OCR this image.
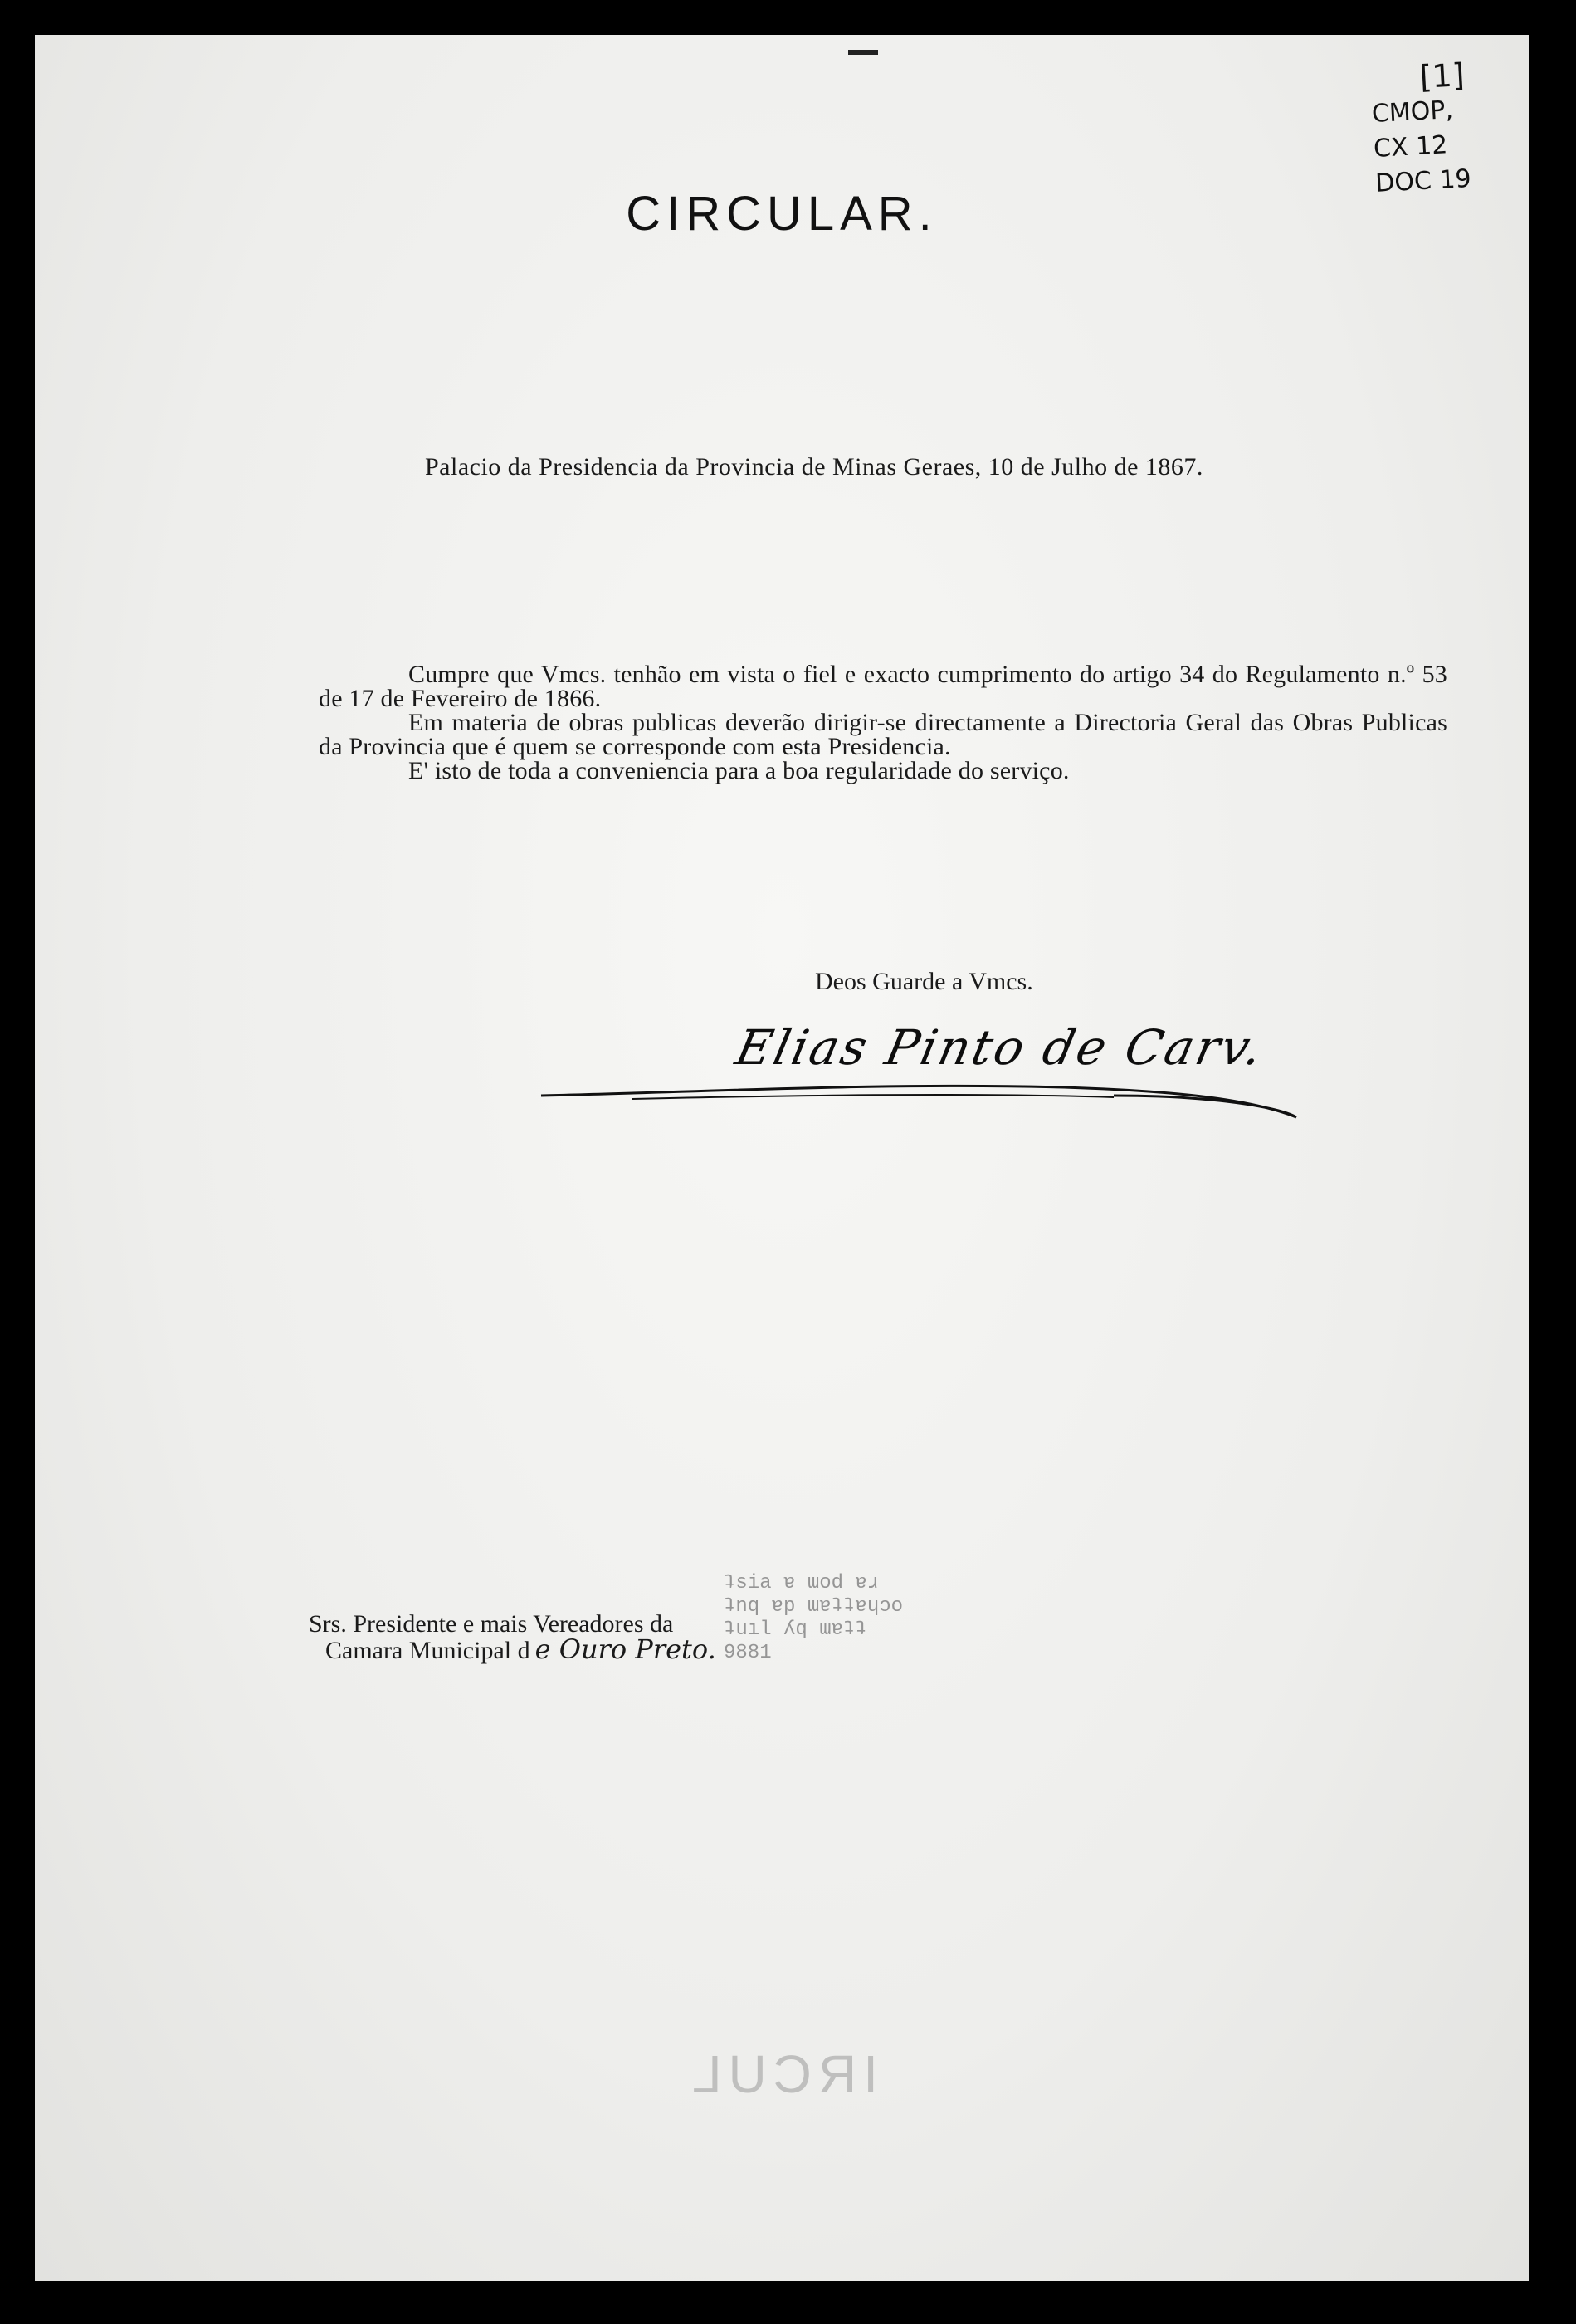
[1]
CMOP,
CX 12
DOC 19
CIRCULAR.
Palacio da Presidencia da Provincia de Minas Geraes, 10 de Julho de 1867.

Cumpre que Vmcs. tenhão em vista o fiel e exacto cumprimento do artigo 34 do Regulamento n.º 53 de 17 de Fevereiro de 1866.

Em materia de obras publicas deverão dirigir-se directamente a Directoria Geral das Obras Publicas da Provincia que é quem se corresponde com esta Presidencia.

E' isto de toda a conveniencia para a boa regularidade do serviço.

Deos Guarde a Vmcs.
Elias Pinto de Carv.
ʇsia ɐ ɯod ɐɹ
ʇnq ɐp ɯɐʇʇɐɥɔo
ʇuıl ʎq ɯɐʇʇ
9881
Srs. Presidente e mais Vereadores da
Camara Municipal d e Ouro Preto.
IRCUL
